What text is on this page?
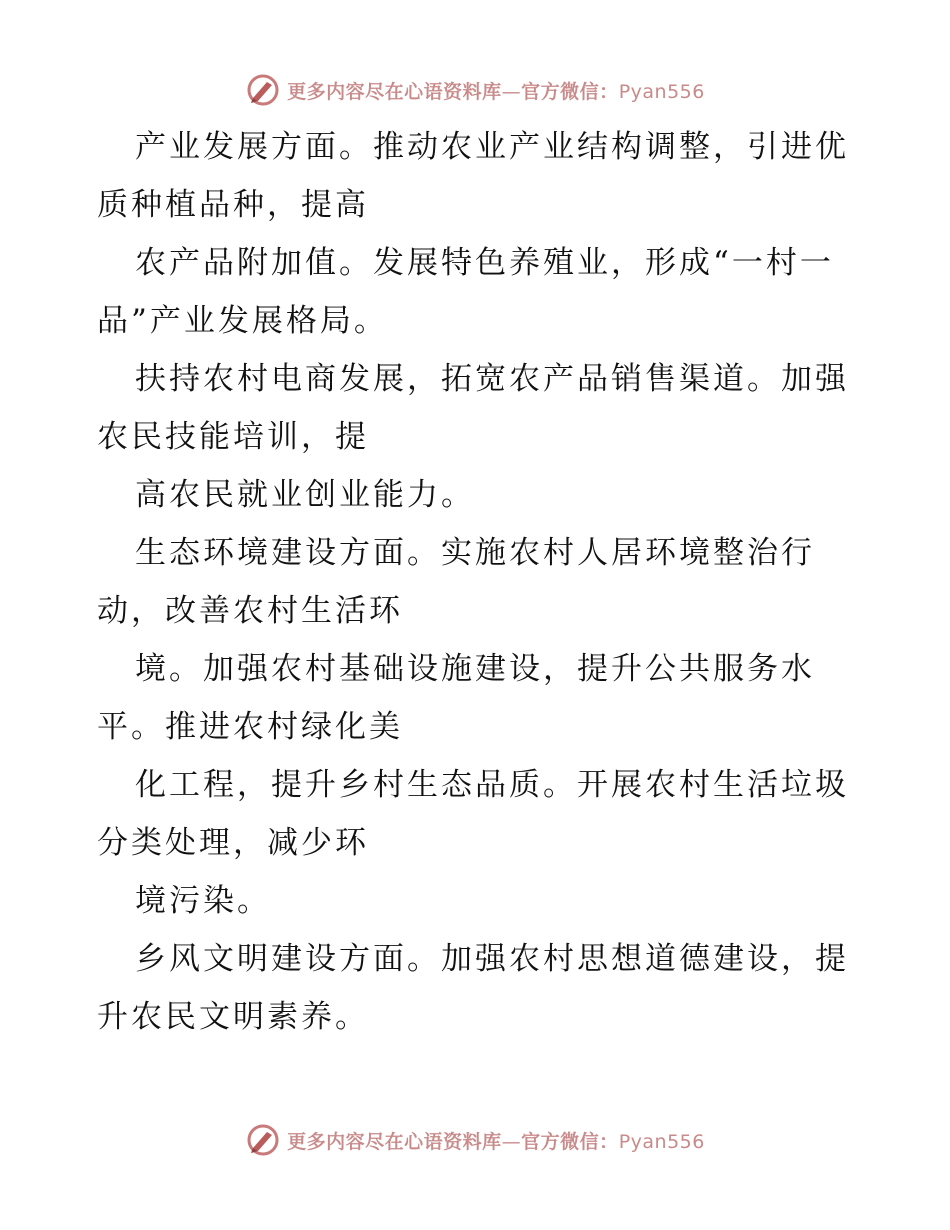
更多内容尽在心语资料库—官方微信：Pyan556

产业发展方面。推动农业产业结构调整，引进优质种植品种，提高

农产品附加值。发展特色养殖业，形成“一村一品”产业发展格局。

扶持农村电商发展，拓宽农产品销售渠道。加强农民技能培训，提

高农民就业创业能力。

生态环境建设方面。实施农村人居环境整治行动，改善农村生活环

境。加强农村基础设施建设，提升公共服务水平。推进农村绿化美

化工程，提升乡村生态品质。开展农村生活垃圾分类处理，减少环

境污染。

乡风文明建设方面。加强农村思想道德建设，提升农民文明素养。

更多内容尽在心语资料库—官方微信：Pyan556
